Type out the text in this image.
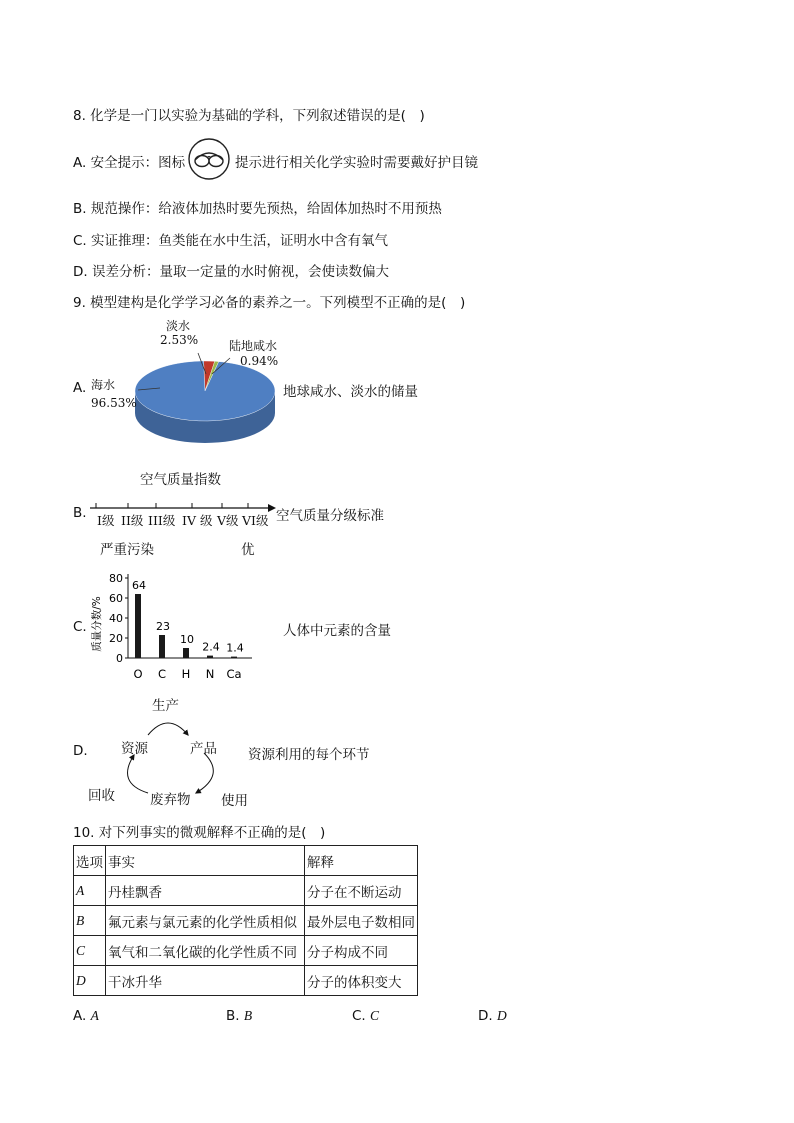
8. 化学是一门以实验为基础的学科，下列叙述错误的是(　)
A. 安全提示：图标	提示进行相关化学实验时需要戴好护目镜
B. 规范操作：给液体加热时要先预热，给固体加热时不用预热
C. 实证推理：鱼类能在水中生活，证明水中含有氧气
D. 误差分析：量取一定量的水时俯视，会使读数偏大
9. 模型建构是化学学习必备的素养之一。下列模型不正确的是(　)
A.
淡水
2.53%	陆地咸水
0.94%
海水
96.53%
地球咸水、淡水的储量
空气质量指数
B. I级 II级 III级 IV 级 V级 VI级 空气质量分级标准
严重污染	优
C.
0
20
40
60
80
64
O
23
C
10
H
2.4
N
1.4
Ca
质量分数/%	人体中元素的含量
D.
生产
资源	产品
回收	废弃物 使用
资源利用的每个环节
10. 对下列事实的微观解释不正确的是(　)
选项	事实	解释
A	丹桂飘香	分子在不断运动
B	氟元素与氯元素的化学性质相似	最外层电子数相同
C	氧气和二氧化碳的化学性质不同	分子构成不同
D	干冰升华	分子的体积变大
A. A	B. B	C. C	D. D
